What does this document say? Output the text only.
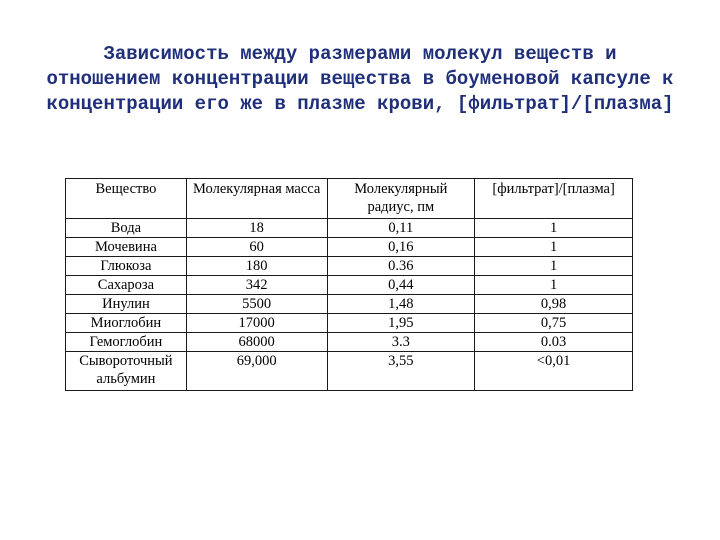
Зависимость между размерами молекул веществ и
отношением концентрации вещества в боуменовой капсуле к
концентрации его же в плазме крови, [фильтрат]/[плазма]
Вещество	Молекулярная масса	Молекулярный радиус, пм	[фильтрат]/[плазма]
Вода	18	0,11	1
Мочевина	60	0,16	1
Глюкоза	180	0.36	1
Сахароза	342	0,44	1
Инулин	5500	1,48	0,98
Миоглобин	17000	1,95	0,75
Гемоглобин	68000	3.3	0.03
Сывороточный альбумин	69,000	3,55	<0,01
